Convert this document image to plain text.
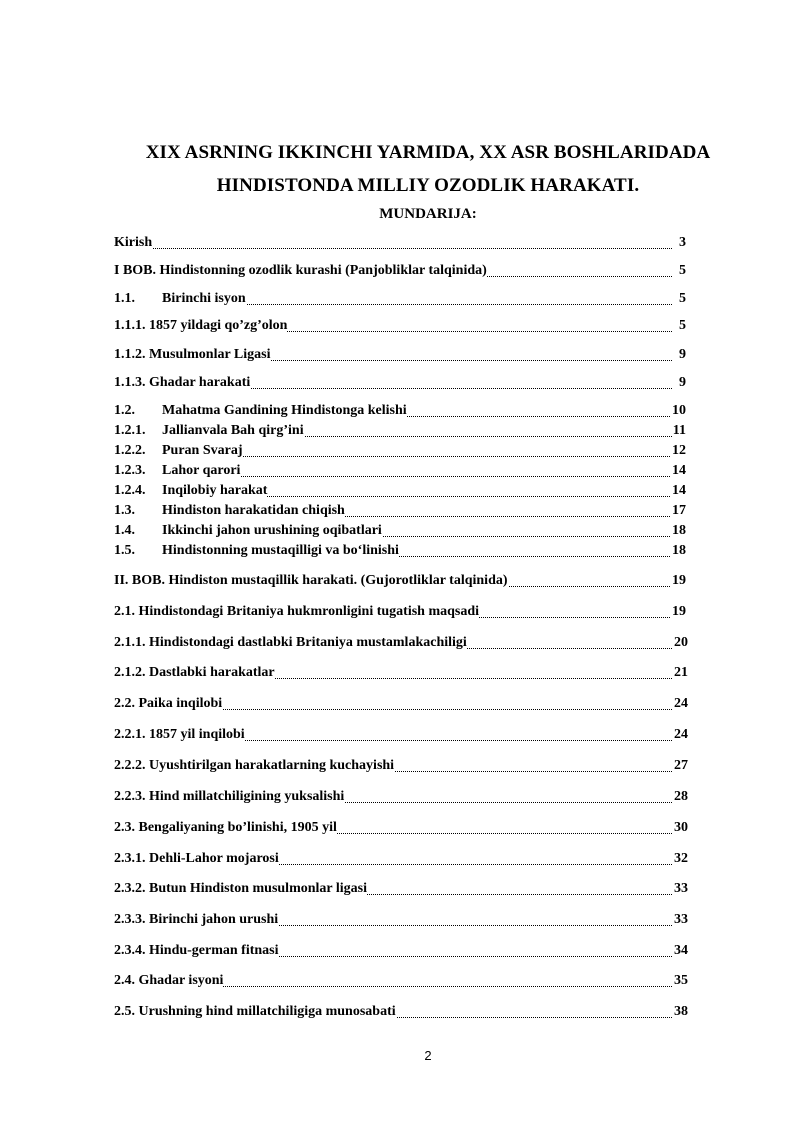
XIX ASRNING IKKINCHI YARMIDA, XX ASR BOSHLARIDADA
HINDISTONDA MILLIY OZODLIK HARAKATI.
MUNDARIJA:
Kirish	3
I BOB. Hindistonning ozodlik kurashi (Panjobliklar talqinida)	5
1.1. Birinchi isyon	5
1.1.1. 1857 yildagi qo’zg’olon	5
1.1.2. Musulmonlar Ligasi	9
1.1.3. Ghadar harakati	9
1.2. Mahatma Gandining Hindistonga kelishi	10
1.2.1. Jallianvala Bah qirg’ini	11
1.2.2. Puran Svaraj	12
1.2.3. Lahor qarori	14
1.2.4. Inqilobiy harakat	14
1.3. Hindiston harakatidan chiqish	17
1.4. Ikkinchi jahon urushining oqibatlari	18
1.5. Hindistonning mustaqilligi va bo‘linishi	18
II. BOB. Hindiston mustaqillik harakati. (Gujorotliklar talqinida)	19
2.1. Hindistondagi Britaniya hukmronligini tugatish maqsadi	19
2.1.1. Hindistondagi dastlabki Britaniya mustamlakachiligi	20
2.1.2. Dastlabki harakatlar	21
2.2. Paika inqilobi	24
2.2.1. 1857 yil inqilobi	24
2.2.2. Uyushtirilgan harakatlarning kuchayishi	27
2.2.3. Hind millatchiligining yuksalishi	28
2.3. Bengaliyaning bo’linishi, 1905 yil	30
2.3.1. Dehli-Lahor mojarosi	32
2.3.2. Butun Hindiston musulmonlar ligasi	33
2.3.3. Birinchi jahon urushi	33
2.3.4. Hindu-german fitnasi	34
2.4. Ghadar isyoni	35
2.5. Urushning hind millatchiligiga munosabati	38
2
